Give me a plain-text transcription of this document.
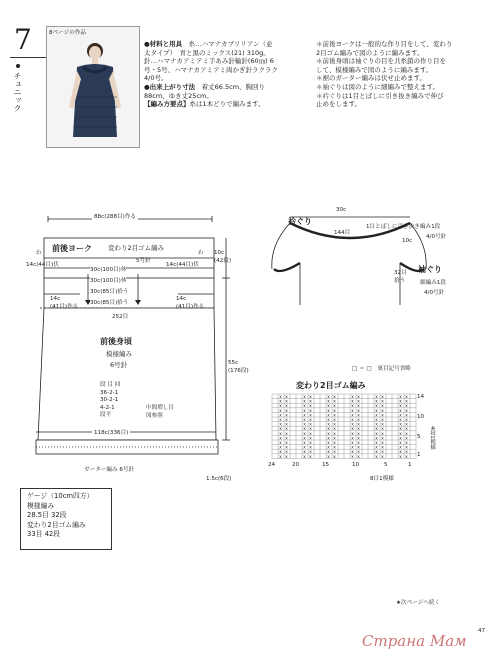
7
チュニック
8ページの作品
●材料と用具　 糸…ハマナカブリリアン（並
太タイプ）　青と黒のミックス(21) 310g。
針…ハマナカアミアミ手あみ針輪針(60㎝) 6
号・5号、ハマナカアミアミ両かぎ針ラクラク
4/0号。
●出来上がり寸法　 着丈66.5cm、胸回り
88cm、ゆき丈25cm。
【編み方要点】糸は1本どりで編みます。
＊前後ヨークは一般的な作り目をして、変わり
2目ゴム編みで図のように編みます。
＊前後身頃は袖ぐりの目を共糸鎖の作り目を
して、模様編みで図のように編みます。
＊裾のガーター編みは伏せ止めます。
＊袖ぐりは図のように細編みで整えます。
＊衿ぐりは1目とばしに引き抜き編みで伸び
止めをします。
88c(288目)作る
前後ヨーク 変わり2目ゴム編み
5号針
わ	わ
14c(44目)伏	14c(44目)伏
30c(100目)休
30c(100目)休
30c(85目)拾う
14c
(41目)作る
30c(85目)拾う
14c
(41目)作る
10c
(42段)
252目
前後身頃
模様編み
6号針	55c
(176段)
段 目 回
36-2-1
30-2-1
4-2-1
段平
中間増し目
図参照
118c(336目)
ガーター編み 6号針
1.5c(6段)
30c
衿ぐり
144目
1目とばしに引き抜き編み1段
4/0号針
10c
袖ぐり
32目
拾う	細編み1段
4/0号針
□ ＝ □　裏目記号省略
変わり2目ゴム編み
ⅹ ⅹ	ⅹ ⅹ	ⅹ ⅹ	ⅹ ⅹ	ⅹ ⅹ	ⅹ ⅹ
ⅹ ⅹ	ⅹ ⅹ	ⅹ ⅹ	ⅹ ⅹ	ⅹ ⅹ	ⅹ ⅹ
ⅹ ⅹ	ⅹ ⅹ	ⅹ ⅹ	ⅹ ⅹ	ⅹ ⅹ	ⅹ ⅹ
ⅹ ⅹ	ⅹ ⅹ	ⅹ ⅹ	ⅹ ⅹ	ⅹ ⅹ	ⅹ ⅹ
ⅹ ⅹ	ⅹ ⅹ	ⅹ ⅹ	ⅹ ⅹ	ⅹ ⅹ	ⅹ ⅹ
ⅹ ⅹ	ⅹ ⅹ	ⅹ ⅹ	ⅹ ⅹ	ⅹ ⅹ	ⅹ ⅹ
ⅹ ⅹ	ⅹ ⅹ	ⅹ ⅹ	ⅹ ⅹ	ⅹ ⅹ	ⅹ ⅹ
ⅹ ⅹ	ⅹ ⅹ	ⅹ ⅹ	ⅹ ⅹ	ⅹ ⅹ	ⅹ ⅹ
ⅹ ⅹ	ⅹ ⅹ	ⅹ ⅹ	ⅹ ⅹ	ⅹ ⅹ	ⅹ ⅹ
ⅹ ⅹ	ⅹ ⅹ	ⅹ ⅹ	ⅹ ⅹ	ⅹ ⅹ	ⅹ ⅹ
ⅹ ⅹ	ⅹ ⅹ	ⅹ ⅹ	ⅹ ⅹ	ⅹ ⅹ	ⅹ ⅹ
ⅹ ⅹ	ⅹ ⅹ	ⅹ ⅹ	ⅹ ⅹ	ⅹ ⅹ	ⅹ ⅹ
ⅹ ⅹ	ⅹ ⅹ	ⅹ ⅹ	ⅹ ⅹ	ⅹ ⅹ	ⅹ ⅹ
ⅹ ⅹ	ⅹ ⅹ	ⅹ ⅹ	ⅹ ⅹ	ⅹ ⅹ	ⅹ ⅹ
14
10
5
1
24	20	15	10	5	1
4段1模様
8目1模様
ゲージ（10cm四方）
模様編み
28.5目 32段
変わり2目ゴム編み
33目 42段
★次ページへ続く
47
Страна Мам
